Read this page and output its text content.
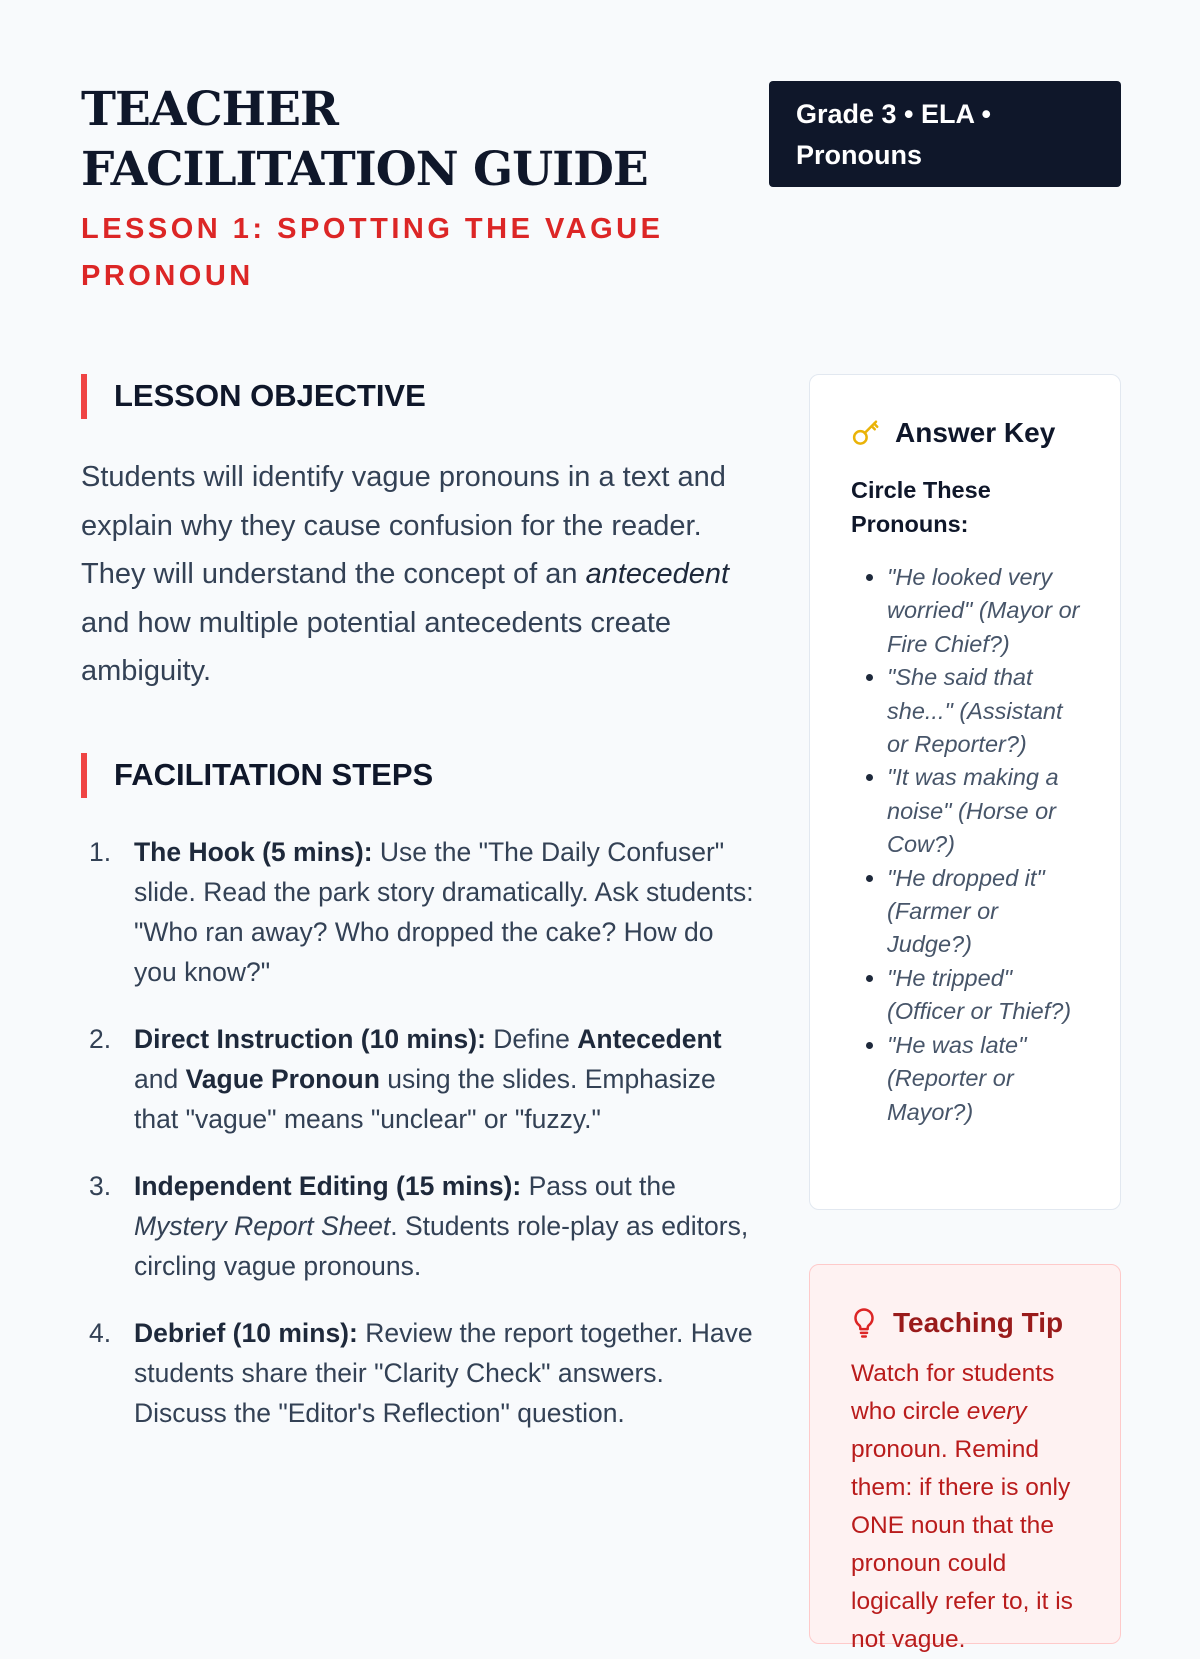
TEACHER FACILITATION GUIDE
LESSON 1: SPOTTING THE VAGUE PRONOUN
Grade 3 • ELA • Pronouns
LESSON OBJECTIVE

Students will identify vague pronouns in a text and explain why they cause confusion for the reader. They will understand the concept of an antecedent and how multiple potential antecedents create ambiguity.

FACILITATION STEPS
1. The Hook (5 mins): Use the "The Daily Confuser" slide. Read the park story dramatically. Ask students: "Who ran away? Who dropped the cake? How do you know?"
2. Direct Instruction (10 mins): Define Antecedent and Vague Pronoun using the slides. Emphasize that "vague" means "unclear" or "fuzzy."
3. Independent Editing (15 mins): Pass out the Mystery Report Sheet. Students role-play as editors, circling vague pronouns.
4. Debrief (10 mins): Review the report together. Have students share their "Clarity Check" answers. Discuss the "Editor's Reflection" question.
Answer Key
Circle These Pronouns:
• "He looked very worried" (Mayor or Fire Chief?)
• "She said that she..." (Assistant or Reporter?)
• "It was making a noise" (Horse or Cow?)
• "He dropped it" (Farmer or Judge?)
• "He tripped" (Officer or Thief?)
• "He was late" (Reporter or Mayor?)
Teaching Tip

Watch for students who circle every pronoun. Remind them: if there is only ONE noun that the pronoun could logically refer to, it is not vague.
